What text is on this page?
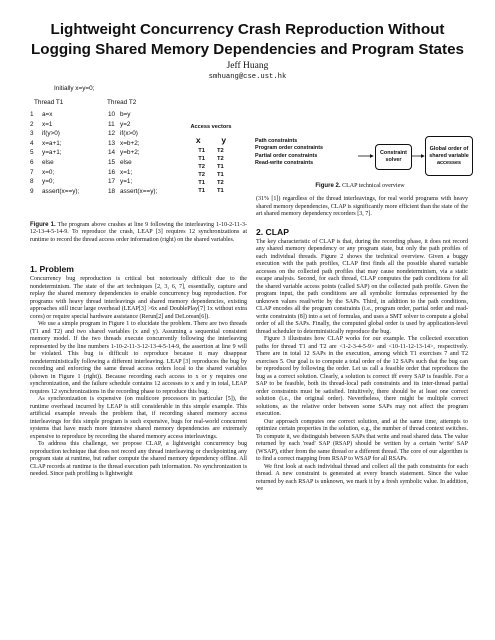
Lightweight Concurrency Crash Reproduction Without
Logging Shared Memory Dependencies and Program States
Jeff Huang
smhuang@cse.ust.hk
Initially x=y=0;
Thread T1	Thread T2
1 a=x
2 x=1
3 if(y>0)
4 x=a+1;
5 y=a+1;
6 else
7 x=0;
8 y=0;
9 assert(x==y);
10 b=y
11 y=2
12 if(x>0)
13 x=b+2;
14 y=b+2;
15 else
16 x=1;
17 y=1;
18 assert(x==y);
Access vectors
x y
T1 T2
T1 T2
T2 T1
T2 T1
T1 T2
T1 T1
Figure 1. The program above crashes at line 9 following the interleaving 1-10-2-11-3-12-13-4-5-14-9. To reproduce the crash, LEAP [3] requires 12 synchronizations at runtime to record the thread access order information (right) on the shared variables.
1. Problem

Concurrency bug reproduction is critical but notoriously difficult due to the nondeterminism. The state of the art techniques [2, 3, 6, 7], essentially, capture and replay the shared memory dependencies to enable concurrency bug reproduction. For programs with heavy thread interleavings and shared memory dependencies, existing approaches still incur large overhead (LEAP[3] >6x and DoublePlay[7] 1x without extra cores) or require special hardware assistance (Rerun[2] and DeLorean[6]).

We use a simple program in Figure 1 to elucidate the problem. There are two threads (T1 and T2) and two shared variables (x and y). Assuming a sequential consistent memory model. If the two threads execute concurrently following the interleaving represented by the line numbers 1-10-2-11-3-12-13-4-5-14-9, the assertion at line 9 will be violated. This bug is difficult to reproduce because it may disappear nondeterministically following a different interleaving. LEAP [3] reproduces the bug by recording and enforcing the same thread access orders local to the shared variables (shown in Figure 1 (right)). Because recording each access to x or y requires one synchronization, and the failure schedule contains 12 accesses to x and y in total, LEAP requires 12 synchronizations in the recording phase to reproduce this bug.

As synchronization is expensive (on multicore processors in particular [5]), the runtime overhead incurred by LEAP is still considerable in this simple example. This artificial example reveals the problem that, if recording shared memory access interleavings for this simple program is such expensive, bugs for real-world concurrent systems that have much more intensive shared memory dependencies are extremely expensive to reproduce by recording the shared memory access interleavings.

To address this challenge, we propose CLAP, a lightweight concurrency bug reproduction technique that does not record any thread interleaving or checkpointing any program state at runtime, but rather compute the shared memory dependency offline. All CLAP records at runtime is the thread execution path information. No synchronization is needed. Since path profiling is lightweight

Path constraints
Program order constraints
Partial order constraints
Read-write constraints
Constraint solver
Global order of shared variable accesses
Figure 2. CLAP technical overview

(31% [1]) regardless of the thread interleavings, for real world programs with heavy shared memory dependencies, CLAP is significantly more efficient than the state of the art shared memory dependency recorders [3, 7].

2. CLAP

The key characteristic of CLAP is that, during the recording phase, it does not record any shared memory dependency or any program state, but only the path profiles of each individual threads. Figure 2 shows the technical overview. Given a buggy execution with the path profiles, CLAP first finds all the possible shared variable accesses on the collected path profiles that may cause nondeterminism, via a static escape analysis. Second, for each thread, CLAP computes the path conditions for all the shared variable access points (called SAP) on the collected path profile. Given the program input, the path conditions are all symbolic formulas represented by the unknown values read/write by the SAPs. Third, in addition to the path conditions, CLAP encodes all the program constraints (i.e., program order, partial order and read-write constraints (8]) into a set of formulas, and uses a SMT solver to compute a global order of all the SAPs. Finally, the computed global order is used by application-level thread scheduler to deterministically reproduce the bug.

Figure 3 illustrates how CLAP works for our example. The collected execution paths for thread T1 and T2 are <1-2-3-4-5-9> and <10-11-12-13-14>, respectively. There are in total 12 SAPs in the execution, among which T1 exercises 7 and T2 exercises 5. Our goal is to compute a total order of the 12 SAPs such that the bug can be reproduced by following the order. Let us call a feasible order that reproduces the bug as a correct solution. Clearly, a solution is correct iff every SAP is feasible. For a SAP to be feasible, both its thread-local path constraints and its inter-thread partial order constraints must be satisfied. Intuitively, there should be at least one correct solution (i.e., the original order). Nevertheless, there might be multiple correct solutions, as the relative order between some SAPs may not affect the program execution.

Our approach computes one correct solution, and at the same time, attempts to optimize certain properties in the solution, e.g., the number of thread context switches. To compute it, we distinguish between SAPs that write and read shared data. The value returned by each 'read' SAP (RSAP) should be written by a certain 'write' SAP (WSAP), either from the same thread or a different thread. The core of our algorithm is to find a correct mapping from RSAP to WSAP for all RSAPs.

We first look at each individual thread and collect all the path constraints for each thread. A new constraint is generated at every branch statement. Since the value returned by each RSAP is unknown, we mark it by a fresh symbolic value. In addition, we
